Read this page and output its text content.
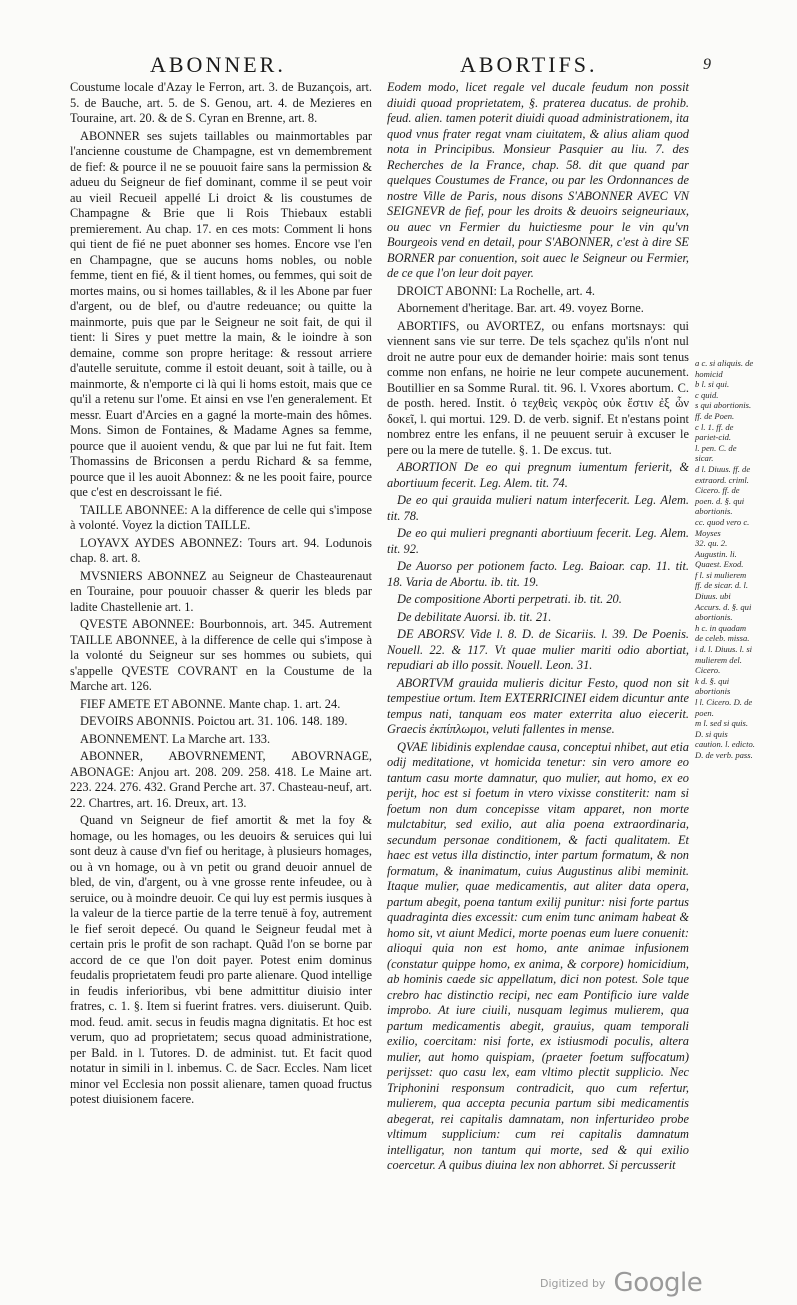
ABONNER.	ABORTIFS.	9

Coustume locale d'Azay le Ferron, art. 3. de Buzançois, art. 5. de Bauche, art. 5. de S. Genou, art. 4. de Mezieres en Touraine, art. 20. & de S. Cyran en Brenne, art. 8.

ABONNER ses sujets taillables ou mainmortables par l'ancienne coustume de Champagne, est vn demembrement de fief: & pource il ne se pouuoit faire sans la permission & adueu du Seigneur de fief dominant, comme il se peut voir au vieil Recueil appellé Li droict & lis coustumes de Champagne & Brie que li Rois Thiebaux establi premierement. Au chap. 17. en ces mots: Comment li hons qui tient de fié ne puet abonner ses homes. Encore vse l'en en Champagne, que se aucuns homs nobles, ou noble femme, tient en fié, & il tient homes, ou femmes, qui soit de mortes mains, ou si homes taillables, & il les Abone par fuer d'argent, ou de blef, ou d'autre redeuance; ou quitte la mainmorte, puis que par le Seigneur ne soit fait, de qui il tient: li Sires y puet mettre la main, & le ioindre à son demaine, comme son propre heritage: & ressout arriere d'autelle seruitute, comme il estoit deuant, soit à taille, ou à mainmorte, & n'emporte ci là qui li homs estoit, mais que ce qu'il a retenu sur l'ome. Et ainsi en vse l'en generalement. Et messr. Euart d'Arcies en a gagné la morte-main des hômes. Mons. Simon de Fontaines, & Madame Agnes sa femme, pource que il auoient vendu, & que par lui ne fut fait. Item Thomassins de Briconsen a perdu Richard & sa femme, pource que il les auoit Abonnez: & ne les pooit faire, pource que c'est en descroissant le fié.

TAILLE ABONNEE: A la difference de celle qui s'impose à volonté. Voyez la diction TAILLE.

LOYAVX AYDES ABONNEZ: Tours art. 94. Lodunois chap. 8. art. 8.

MVSNIERS ABONNEZ au Seigneur de Chasteaurenaut en Touraine, pour pouuoir chasser & querir les bleds par ladite Chastellenie art. 1.

QVESTE ABONNEE: Bourbonnois, art. 345. Autrement TAILLE ABONNEE, à la difference de celle qui s'impose à la volonté du Seigneur sur ses hommes ou subiets, qui s'appelle QVESTE COVRANT en la Coustume de la Marche art. 126.

FIEF AMETE ET ABONNE. Mante chap. 1. art. 24.

DEVOIRS ABONNIS. Poictou art. 31. 106. 148. 189.

ABONNEMENT. La Marche art. 133.

ABONNER, ABOVRNEMENT, ABOVRNAGE, ABONAGE: Anjou art. 208. 209. 258. 418. Le Maine art. 223. 224. 276. 432. Grand Perche art. 37. Chasteau-neuf, art. 22. Chartres, art. 16. Dreux, art. 13.

Quand vn Seigneur de fief amortit & met la foy & homage, ou les homages, ou les deuoirs & seruices qui lui sont deuz à cause d'vn fief ou heritage, à plusieurs homages, ou à vn homage, ou à vn petit ou grand deuoir annuel de bled, de vin, d'argent, ou à vne grosse rente infeudee, ou à seruice, ou à moindre deuoir. Ce qui luy est permis iusques à la valeur de la tierce partie de la terre tenuë à foy, autrement le fief seroit depecé. Ou quand le Seigneur feudal met à certain pris le profit de son rachapt. Quãd l'on se borne par accord de ce que l'on doit payer. Potest enim dominus feudalis proprietatem feudi pro parte alienare. Quod intellige in feudis inferioribus, vbi bene admittitur diuisio inter fratres, c. 1. §. Item si fuerint fratres. vers. diuiserunt. Quib. mod. feud. amit. secus in feudis magna dignitatis. Et hoc est verum, quo ad proprietatem; secus quoad administratione, per Bald. in l. Tutores. D. de administ. tut. Et facit quod notatur in simili in l. inbemus. C. de Sacr. Eccles. Nam licet minor vel Ecclesia non possit alienare, tamen quoad fructus potest diuisionem facere.

Eodem modo, licet regale vel ducale feudum non possit diuidi quoad proprietatem, §. praterea ducatus. de prohib. feud. alien. tamen poterit diuidi quoad administrationem, ita quod vnus frater regat vnam ciuitatem, & alius aliam quod nota in Principibus. Monsieur Pasquier au liu. 7. des Recherches de la France, chap. 58. dit que quand par quelques Coustumes de France, ou par les Ordonnances de nostre Ville de Paris, nous disons S'ABONNER AVEC VN SEIGNEVR de fief, pour les droits & deuoirs seigneuriaux, ou auec vn Fermier du huictiesme pour le vin qu'vn Bourgeois vend en detail, pour S'ABONNER, c'est à dire SE BORNER par conuention, soit auec le Seigneur ou Fermier, de ce que l'on leur doit payer.

DROICT ABONNI: La Rochelle, art. 4.

Abornement d'heritage. Bar. art. 49. voyez Borne.

ABORTIFS, ou AVORTEZ, ou enfans mortsnays: qui viennent sans vie sur terre. De tels sçachez qu'ils n'ont nul droit ne autre pour eux de demander hoirie: mais sont tenus comme non enfans, ne hoirie ne leur compete aucunement. Boutillier en sa Somme Rural. tit. 96. l. Vxores abortum. C. de posth. hered. Instit. ὁ τεχθεὶς νεκρὸς οὐκ ἔστιν ἐξ ὧν δοκεῖ, l. qui mortui. 129. D. de verb. signif. Et n'estans point nombrez entre les enfans, il ne peuuent seruir à excuser le pere ou la mere de tutelle. §. 1. De excus. tut.

ABORTION De eo qui pregnum iumentum ferierit, & abortiuum fecerit. Leg. Alem. tit. 74.

De eo qui grauida mulieri natum interfecerit. Leg. Alem. tit. 78.

De eo qui mulieri pregnanti abortiuum fecerit. Leg. Alem. tit. 92.

De Auorso per potionem facto. Leg. Baioar. cap. 11. tit. 18. Varia de Abortu. ib. tit. 19.

De compositione Aborti perpetrati. ib. tit. 20.

De debilitate Auorsi. ib. tit. 21.

DE ABORSV. Vide l. 8. D. de Sicariis. l. 39. De Poenis. Nouell. 22. & 117. Vt quae mulier mariti odio abortiat, repudiari ab illo possit. Nouell. Leon. 31.

ABORTVM grauida mulieris dicitur Festo, quod non sit tempestiue ortum. Item EXTERRICINEI eidem dicuntur ante tempus nati, tanquam eos mater exterrita aluo eiecerit. Graecis ἐκπίπλωμοι, veluti fallentes in mense.

QVAE libidinis explendae causa, conceptui nhibet, aut etia odij meditatione, vt homicida tenetur: sin vero amore eo tantum casu morte damnatur, quo mulier, aut homo, ex eo perijt, hoc est si foetum in vtero vixisse constiterit: nam si foetum non dum concepisse vitam apparet, non morte mulctabitur, sed exilio, aut alia poena extraordinaria, secundum personae conditionem, & facti qualitatem. Et haec est vetus illa distinctio, inter partum formatum, & non formatum, & inanimatum, cuius Augustinus alibi meminit. Itaque mulier, quae medicamentis, aut aliter data opera, partum abegit, poena tantum exilij punitur: nisi forte partus quadraginta dies excessit: cum enim tunc animam habeat & homo sit, vt aiunt Medici, morte poenas eum luere conuenit: alioqui quia non est homo, ante animae infusionem (constatur quippe homo, ex anima, & corpore) homicidium, ab hominis caede sic appellatum, dici non potest. Sole tque crebro hac distinctio recipi, nec eam Pontificio iure valde improbo. At iure ciuili, nusquam legimus mulierem, qua partum medicamentis abegit, grauius, quam temporali exilio, coercitam: nisi forte, ex istiusmodi poculis, altera mulier, aut homo quispiam, (praeter foetum suffocatum) perijsset: quo casu lex, eam vltimo plectit supplicio. Nec Triphonini responsum contradicit, quo cum refertur, mulierem, qua accepta pecunia partum sibi medicamentis abegerat, rei capitalis damnatam, non inferturideo probe vltimum supplicium: cum rei capitalis damnatum intelligatur, non tantum qui morte, sed & qui exilio coercetur. A quibus diuina lex non abhorret. Si percusserit

a c. si aliquis. de homicid
b l. si qui.
c quid.
s qui abortionis. ff. de Poen.
c l. 1. ff. de pariet-cid.
l. pen. C. de sicar.
d l. Diuus. ff. de extraord. criml. Cicero. ff. de poen. d. §. qui abortionis.
cc. quod vero c. Moyses
32. qu. 2. Augustin. li. Quaest. Exod.
f l. si mulierem ff. de sicar. d. l. Diuus. ubi Accurs. d. §. qui abortionis.
h c. in quadam de celeb. missa.
i d. l. Diuus. l. si mulierem del. Cicero.
k d. §. qui abortionis
l l. Cicero. D. de poen.
m l. sed si quis. D. si quis caution. l. edicto. D. de verb. pass.
$^{Digitized by}$ Google
